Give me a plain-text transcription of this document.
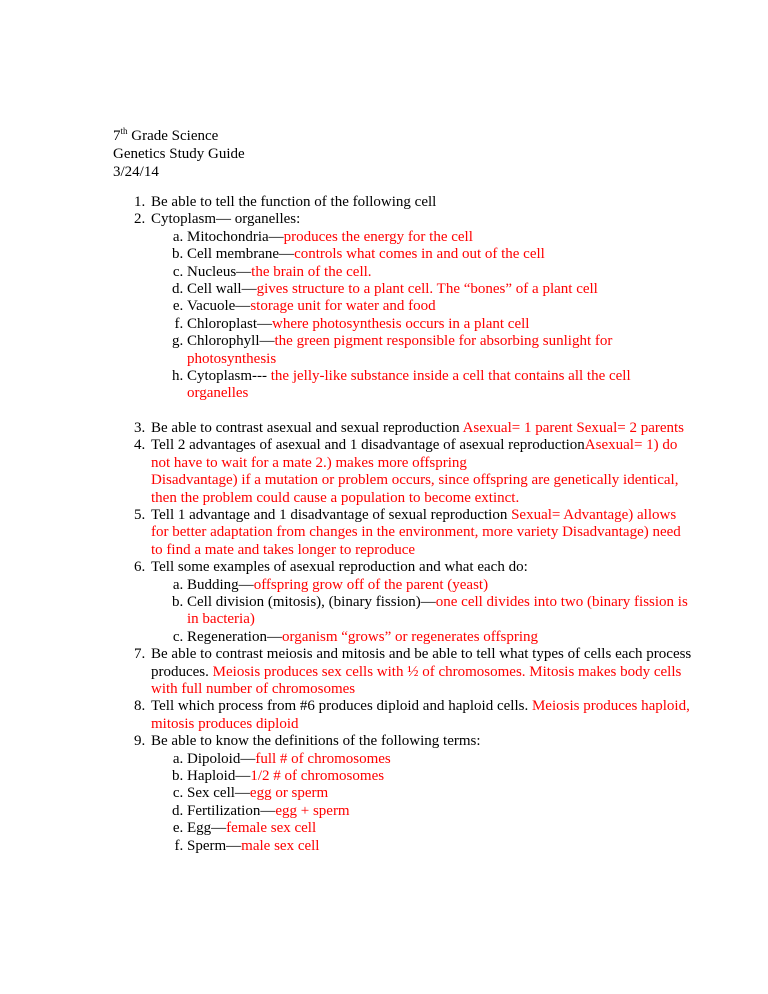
7th Grade Science
Genetics Study Guide
3/24/14
1. Be able to tell the function of the following cell
2. Cytoplasm— organelles:
a. Mitochondria—produces the energy for the cell
b. Cell membrane—controls what comes in and out of the cell
c. Nucleus—the brain of the cell.
d. Cell wall—gives structure to a plant cell. The “bones” of a plant cell
e. Vacuole—storage unit for water and food
f. Chloroplast—where photosynthesis occurs in a plant cell
g. Chlorophyll—the green pigment responsible for absorbing sunlight for photosynthesis
h. Cytoplasm--- the jelly-like substance inside a cell that contains all the cell organelles
3. Be able to contrast asexual and sexual reproduction Asexual= 1 parent Sexual= 2 parents
4. Tell 2 advantages of asexual and 1 disadvantage of asexual reproductionAsexual= 1) do not have to wait for a mate 2.) makes more offspring
Disadvantage) if a mutation or problem occurs, since offspring are genetically identical, then the problem could cause a population to become extinct.
5. Tell 1 advantage and 1 disadvantage of sexual reproduction Sexual= Advantage) allows for better adaptation from changes in the environment, more variety Disadvantage) need to find a mate and takes longer to reproduce
6. Tell some examples of asexual reproduction and what each do:
a. Budding—offspring grow off of the parent (yeast)
b. Cell division (mitosis), (binary fission)—one cell divides into two (binary fission is in bacteria)
c. Regeneration—organism “grows” or regenerates offspring
7. Be able to contrast meiosis and mitosis and be able to tell what types of cells each process produces. Meiosis produces sex cells with ½ of chromosomes. Mitosis makes body cells with full number of chromosomes
8. Tell which process from #6 produces diploid and haploid cells. Meiosis produces haploid, mitosis produces diploid
9. Be able to know the definitions of the following terms:
a. Dipoloid—full # of chromosomes
b. Haploid—1/2 # of chromosomes
c. Sex cell—egg or sperm
d. Fertilization—egg + sperm
e. Egg—female sex cell
f. Sperm—male sex cell
